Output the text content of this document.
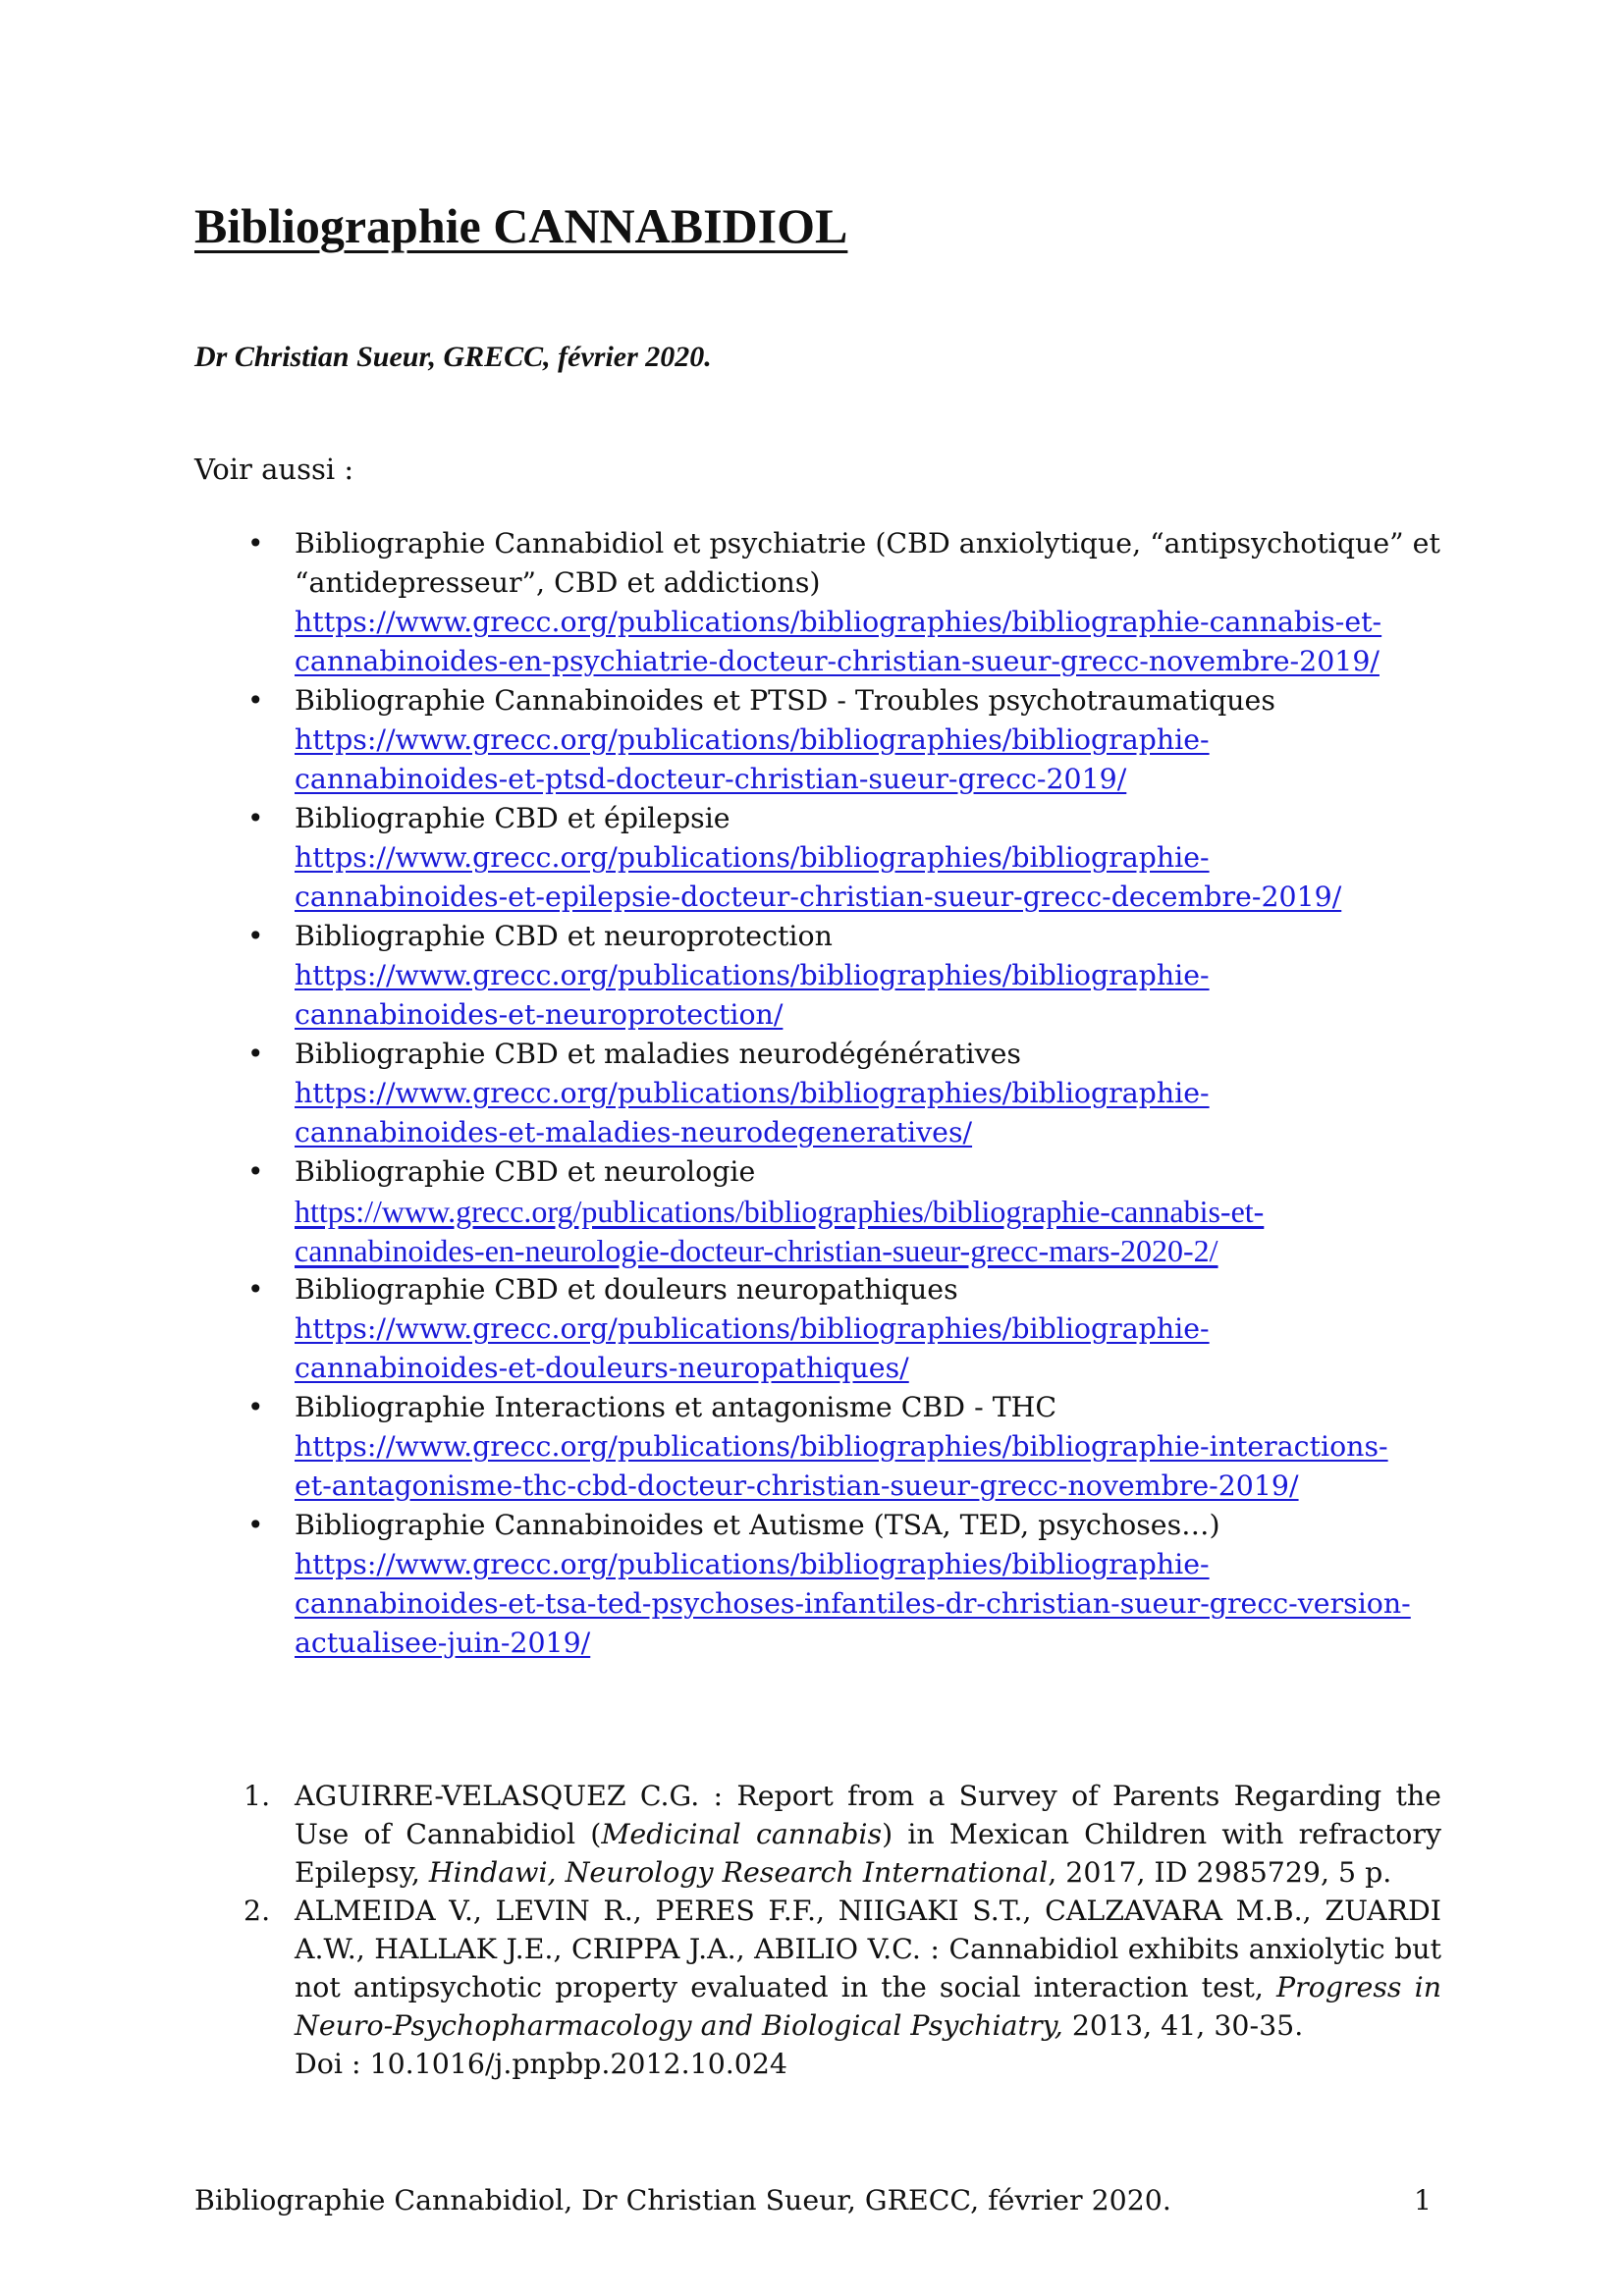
Bibliographie CANNABIDIOL
Dr Christian Sueur, GRECC, février 2020.
Voir aussi :
• Bibliographie Cannabidiol et psychiatrie (CBD anxiolytique, “antipsychotique” et
“antidepresseur”, CBD et addictions)
https://www.grecc.org/publications/bibliographies/bibliographie-cannabis-et-
cannabinoides-en-psychiatrie-docteur-christian-sueur-grecc-novembre-2019/
• Bibliographie Cannabinoides et PTSD - Troubles psychotraumatiques
https://www.grecc.org/publications/bibliographies/bibliographie-
cannabinoides-et-ptsd-docteur-christian-sueur-grecc-2019/
• Bibliographie CBD et épilepsie
https://www.grecc.org/publications/bibliographies/bibliographie-
cannabinoides-et-epilepsie-docteur-christian-sueur-grecc-decembre-2019/
• Bibliographie CBD et neuroprotection
https://www.grecc.org/publications/bibliographies/bibliographie-
cannabinoides-et-neuroprotection/
• Bibliographie CBD et maladies neurodégénératives
https://www.grecc.org/publications/bibliographies/bibliographie-
cannabinoides-et-maladies-neurodegeneratives/
• Bibliographie CBD et neurologie
https://www.grecc.org/publications/bibliographies/bibliographie-cannabis-et-
cannabinoides-en-neurologie-docteur-christian-sueur-grecc-mars-2020-2/
• Bibliographie CBD et douleurs neuropathiques
https://www.grecc.org/publications/bibliographies/bibliographie-
cannabinoides-et-douleurs-neuropathiques/
• Bibliographie Interactions et antagonisme CBD - THC
https://www.grecc.org/publications/bibliographies/bibliographie-interactions-
et-antagonisme-thc-cbd-docteur-christian-sueur-grecc-novembre-2019/
• Bibliographie Cannabinoides et Autisme (TSA, TED, psychoses…)
https://www.grecc.org/publications/bibliographies/bibliographie-
cannabinoides-et-tsa-ted-psychoses-infantiles-dr-christian-sueur-grecc-version-
actualisee-juin-2019/
1. AGUIRRE-VELASQUEZ C.G. : Report from a Survey of Parents Regarding the Use of Cannabidiol (Medicinal cannabis) in Mexican Children with refractory Epilepsy, Hindawi, Neurology Research International, 2017, ID 2985729, 5 p.
2. ALMEIDA V., LEVIN R., PERES F.F., NIIGAKI S.T., CALZAVARA M.B., ZUARDI A.W., HALLAK J.E., CRIPPA J.A., ABILIO V.C. : Cannabidiol exhibits anxiolytic but not antipsychotic property evaluated in the social interaction test, Progress in Neuro-Psychopharmacology and Biological Psychiatry, 2013, 41, 30-35.
Doi : 10.1016/j.pnpbp.2012.10.024
Bibliographie Cannabidiol, Dr Christian Sueur, GRECC, février 2020.	1
